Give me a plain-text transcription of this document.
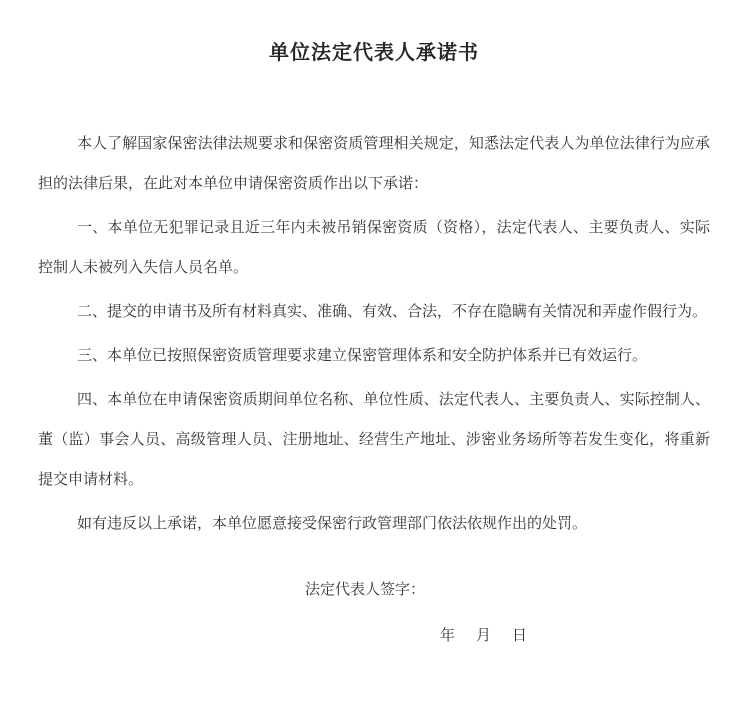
单位法定代表人承诺书

本人了解国家保密法律法规要求和保密资质管理相关规定，知悉法定代表人为单位法律行为应承担的法律后果，在此对本单位申请保密资质作出以下承诺：

一、本单位无犯罪记录且近三年内未被吊销保密资质（资格），法定代表人、主要负责人、实际控制人未被列入失信人员名单。

二、提交的申请书及所有材料真实、准确、有效、合法，不存在隐瞒有关情况和弄虚作假行为。

三、本单位已按照保密资质管理要求建立保密管理体系和安全防护体系并已有效运行。

四、本单位在申请保密资质期间单位名称、单位性质、法定代表人、主要负责人、实际控制人、董（监）事会人员、高级管理人员、注册地址、经营生产地址、涉密业务场所等若发生变化，将重新提交申请材料。

如有违反以上承诺，本单位愿意接受保密行政管理部门依法依规作出的处罚。

法定代表人签字：
年　月　日
